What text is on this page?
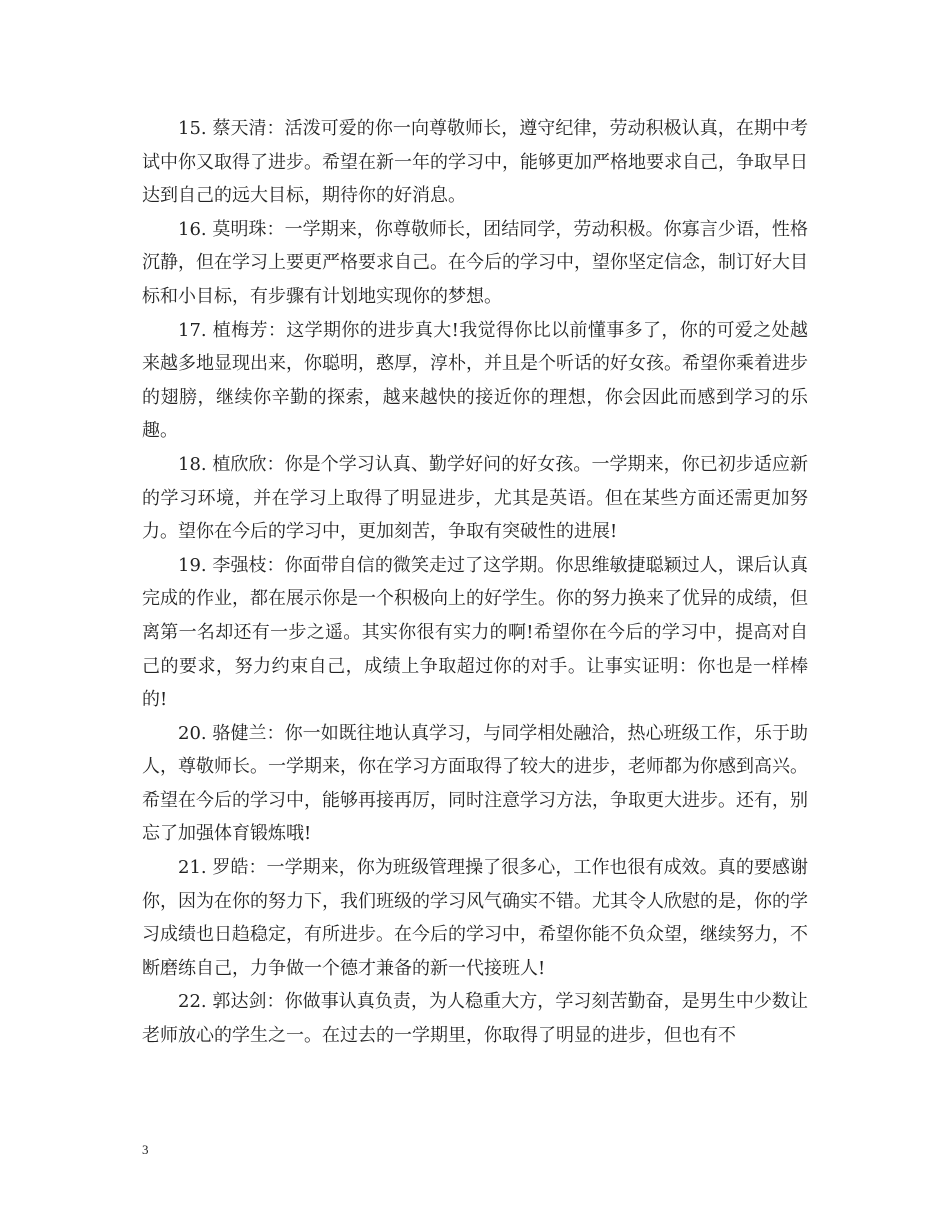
15. 蔡天清：活泼可爱的你一向尊敬师长，遵守纪律，劳动积极认真，在期中考试中你又取得了进步。希望在新一年的学习中，能够更加严格地要求自己，争取早日达到自己的远大目标，期待你的好消息。

16. 莫明珠：一学期来，你尊敬师长，团结同学，劳动积极。你寡言少语，性格沉静，但在学习上要更严格要求自己。在今后的学习中，望你坚定信念，制订好大目标和小目标，有步骤有计划地实现你的梦想。

17. 植梅芳：这学期你的进步真大!我觉得你比以前懂事多了，你的可爱之处越来越多地显现出来，你聪明，憨厚，淳朴，并且是个听话的好女孩。希望你乘着进步的翅膀，继续你辛勤的探索，越来越快的接近你的理想，你会因此而感到学习的乐趣。

18. 植欣欣：你是个学习认真、勤学好问的好女孩。一学期来，你已初步适应新的学习环境，并在学习上取得了明显进步，尤其是英语。但在某些方面还需更加努力。望你在今后的学习中，更加刻苦，争取有突破性的进展!

19. 李强枝：你面带自信的微笑走过了这学期。你思维敏捷聪颖过人，课后认真完成的作业，都在展示你是一个积极向上的好学生。你的努力换来了优异的成绩，但离第一名却还有一步之遥。其实你很有实力的啊!希望你在今后的学习中，提高对自己的要求，努力约束自己，成绩上争取超过你的对手。让事实证明：你也是一样棒的!

20. 骆健兰：你一如既往地认真学习，与同学相处融洽，热心班级工作，乐于助人，尊敬师长。一学期来，你在学习方面取得了较大的进步，老师都为你感到高兴。希望在今后的学习中，能够再接再厉，同时注意学习方法，争取更大进步。还有，别忘了加强体育锻炼哦!

21. 罗皓：一学期来，你为班级管理操了很多心，工作也很有成效。真的要感谢你，因为在你的努力下，我们班级的学习风气确实不错。尤其令人欣慰的是，你的学习成绩也日趋稳定，有所进步。在今后的学习中，希望你能不负众望，继续努力，不断磨练自己，力争做一个德才兼备的新一代接班人!

22. 郭达剑：你做事认真负责，为人稳重大方，学习刻苦勤奋，是男生中少数让老师放心的学生之一。在过去的一学期里，你取得了明显的进步，但也有不

3
